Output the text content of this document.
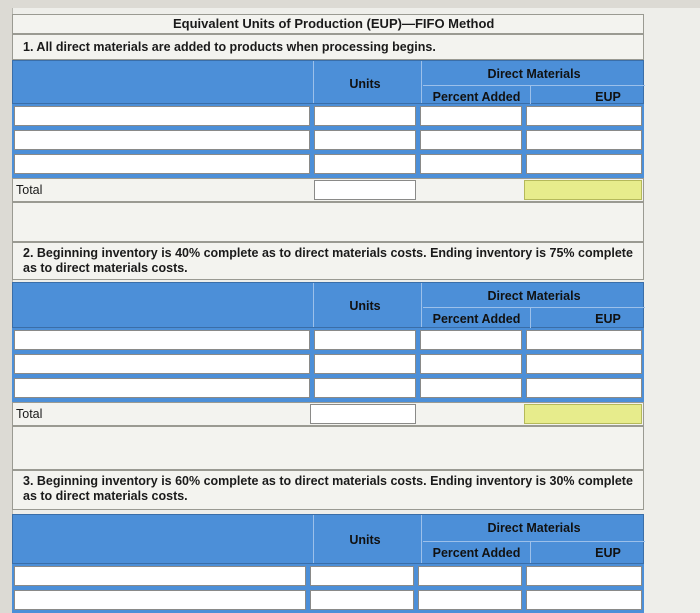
Equivalent Units of Production (EUP)—FIFO Method
1. All direct materials are added to products when processing begins.
Units
Direct Materials
Percent Added	EUP
Total
2. Beginning inventory is 40% complete as to direct materials costs. Ending inventory is 75% complete as to direct materials costs.
Units
Direct Materials
Percent Added	EUP
Total
3. Beginning inventory is 60% complete as to direct materials costs. Ending inventory is 30% complete as to direct materials costs.
Units
Direct Materials
Percent Added	EUP
